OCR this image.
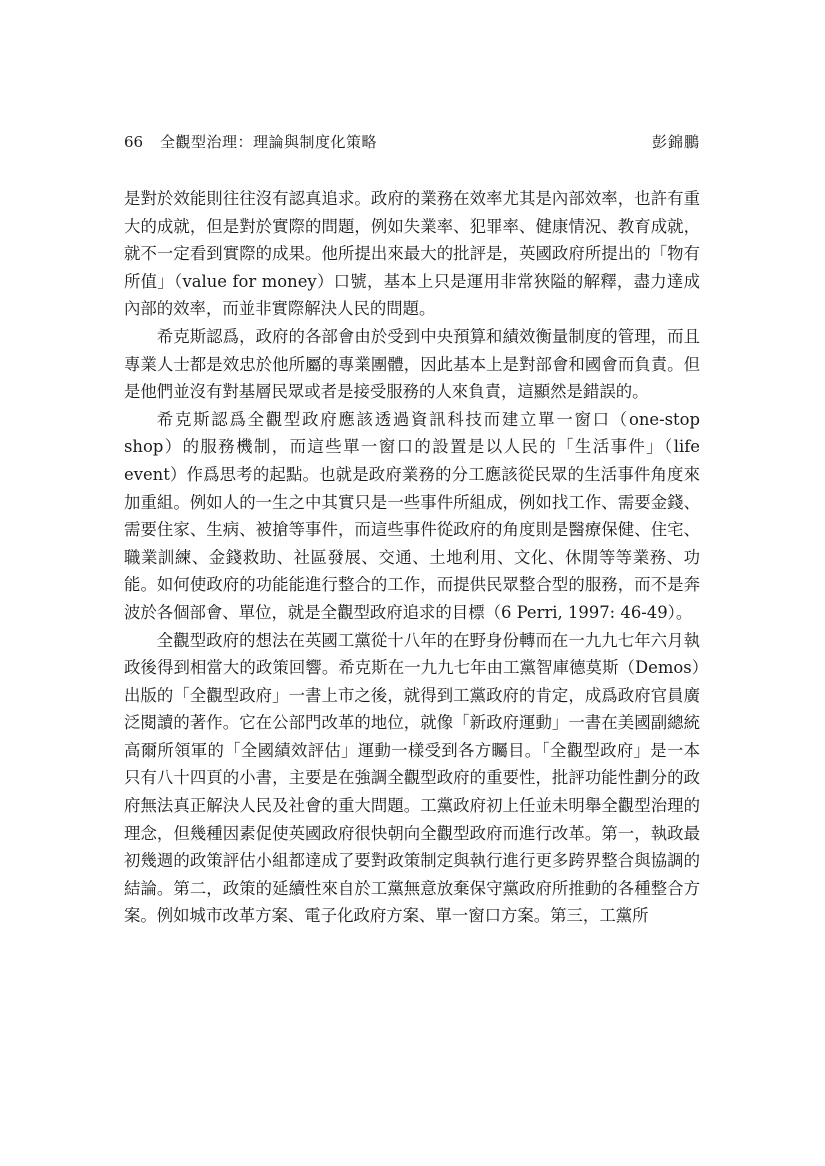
66 全觀型治理：理論與制度化策略	彭錦鵬

是對於效能則往往沒有認真追求。政府的業務在效率尤其是內部效率，也許有重大的成就，但是對於實際的問題，例如失業率、犯罪率、健康情況、教育成就，就不一定看到實際的成果。他所提出來最大的批評是，英國政府所提出的「物有所值」（value for money）口號，基本上只是運用非常狹隘的解釋，盡力達成內部的效率，而並非實際解決人民的問題。

希克斯認爲，政府的各部會由於受到中央預算和績效衡量制度的管理，而且專業人士都是效忠於他所屬的專業團體，因此基本上是對部會和國會而負責。但是他們並沒有對基層民眾或者是接受服務的人來負責，這顯然是錯誤的。

希克斯認爲全觀型政府應該透過資訊科技而建立單一窗口（one-stop shop）的服務機制，而這些單一窗口的設置是以人民的「生活事件」（life event）作爲思考的起點。也就是政府業務的分工應該從民眾的生活事件角度來加重組。例如人的一生之中其實只是一些事件所組成，例如找工作、需要金錢、需要住家、生病、被搶等事件，而這些事件從政府的角度則是醫療保健、住宅、職業訓練、金錢救助、社區發展、交通、土地利用、文化、休閒等等業務、功能。如何使政府的功能能進行整合的工作，而提供民眾整合型的服務，而不是奔波於各個部會、單位，就是全觀型政府追求的目標（6 Perri, 1997: 46-49）。

全觀型政府的想法在英國工黨從十八年的在野身份轉而在一九九七年六月執政後得到相當大的政策回響。希克斯在一九九七年由工黨智庫德莫斯（Demos）出版的「全觀型政府」一書上市之後，就得到工黨政府的肯定，成爲政府官員廣泛閱讀的著作。它在公部門改革的地位，就像「新政府運動」一書在美國副總統高爾所領軍的「全國績效評估」運動一樣受到各方矚目。「全觀型政府」是一本只有八十四頁的小書，主要是在強調全觀型政府的重要性，批評功能性劃分的政府無法真正解決人民及社會的重大問題。工黨政府初上任並未明舉全觀型治理的理念，但幾種因素促使英國政府很快朝向全觀型政府而進行改革。第一，執政最初幾週的政策評估小組都達成了要對政策制定與執行進行更多跨界整合與協調的結論。第二，政策的延續性來自於工黨無意放棄保守黨政府所推動的各種整合方案。例如城市改革方案、電子化政府方案、單一窗口方案。第三，工黨所
